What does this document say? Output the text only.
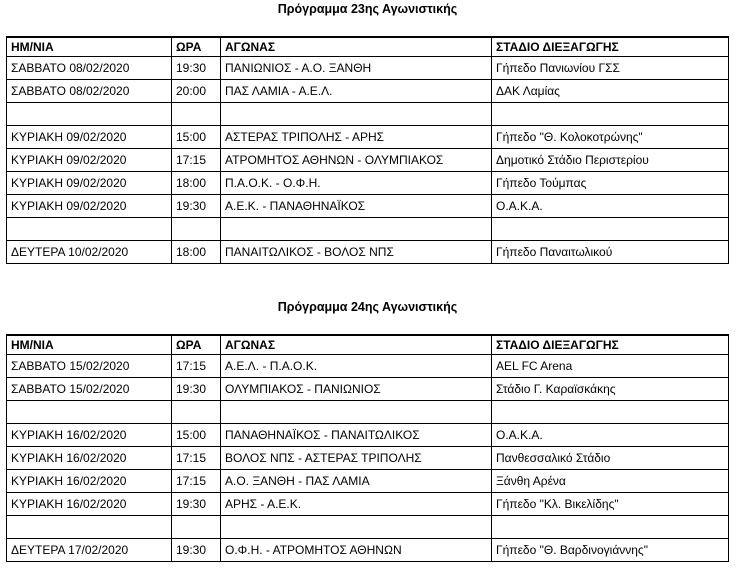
Πρόγραμμα 23ης Αγωνιστικής
ΗΜ/ΝΙΑ	ΩΡΑ	ΑΓΩΝΑΣ	ΣΤΑΔΙΟ ΔΙΕΞΑΓΩΓΗΣ
ΣΑΒΒΑΤΟ 08/02/2020	19:30	ΠΑΝΙΩΝΙΟΣ - Α.Ο. ΞΑΝΘΗ	Γήπεδο Πανιωνίου ΓΣΣ
ΣΑΒΒΑΤΟ 08/02/2020	20:00	ΠΑΣ ΛΑΜΙΑ - Α.Ε.Λ.	ΔΑΚ Λαμίας

ΚΥΡΙΑΚΗ 09/02/2020	15:00	ΑΣΤΕΡΑΣ ΤΡΙΠΟΛΗΣ - ΑΡΗΣ	Γήπεδο "Θ. Κολοκοτρώνης"
ΚΥΡΙΑΚΗ 09/02/2020	17:15	ΑΤΡΟΜΗΤΟΣ ΑΘΗΝΩΝ - ΟΛΥΜΠΙΑΚΟΣ	Δημοτικό Στάδιο Περιστερίου
ΚΥΡΙΑΚΗ 09/02/2020	18:00	Π.Α.Ο.Κ. - Ο.Φ.Η.	Γήπεδο Τούμπας
ΚΥΡΙΑΚΗ 09/02/2020	19:30	Α.Ε.Κ. - ΠΑΝΑΘΗΝΑΪΚΟΣ	Ο.Α.Κ.Α.

ΔΕΥΤΕΡΑ 10/02/2020	18:00	ΠΑΝΑΙΤΩΛΙΚΟΣ - ΒΟΛΟΣ ΝΠΣ	Γήπεδο Παναιτωλικού
Πρόγραμμα 24ης Αγωνιστικής
ΗΜ/ΝΙΑ	ΩΡΑ	ΑΓΩΝΑΣ	ΣΤΑΔΙΟ ΔΙΕΞΑΓΩΓΗΣ
ΣΑΒΒΑΤΟ 15/02/2020	17:15	Α.Ε.Λ. - Π.Α.Ο.Κ.	AEL FC Arena
ΣΑΒΒΑΤΟ 15/02/2020	19:30	ΟΛΥΜΠΙΑΚΟΣ - ΠΑΝΙΩΝΙΟΣ	Στάδιο Γ. Καραϊσκάκης

ΚΥΡΙΑΚΗ 16/02/2020	15:00	ΠΑΝΑΘΗΝΑΪΚΟΣ - ΠΑΝΑΙΤΩΛΙΚΟΣ	Ο.Α.Κ.Α.
ΚΥΡΙΑΚΗ 16/02/2020	17:15	ΒΟΛΟΣ ΝΠΣ - ΑΣΤΕΡΑΣ ΤΡΙΠΟΛΗΣ	Πανθεσσαλικό Στάδιο
ΚΥΡΙΑΚΗ 16/02/2020	17:15	Α.Ο. ΞΑΝΘΗ - ΠΑΣ ΛΑΜΙΑ	Ξάνθη Αρένα
ΚΥΡΙΑΚΗ 16/02/2020	19:30	ΑΡΗΣ - Α.Ε.Κ.	Γήπεδο "Κλ. Βικελίδης"

ΔΕΥΤΕΡΑ 17/02/2020	19:30	Ο.Φ.Η. - ΑΤΡΟΜΗΤΟΣ ΑΘΗΝΩΝ	Γήπεδο "Θ. Βαρδινογιάννης"
